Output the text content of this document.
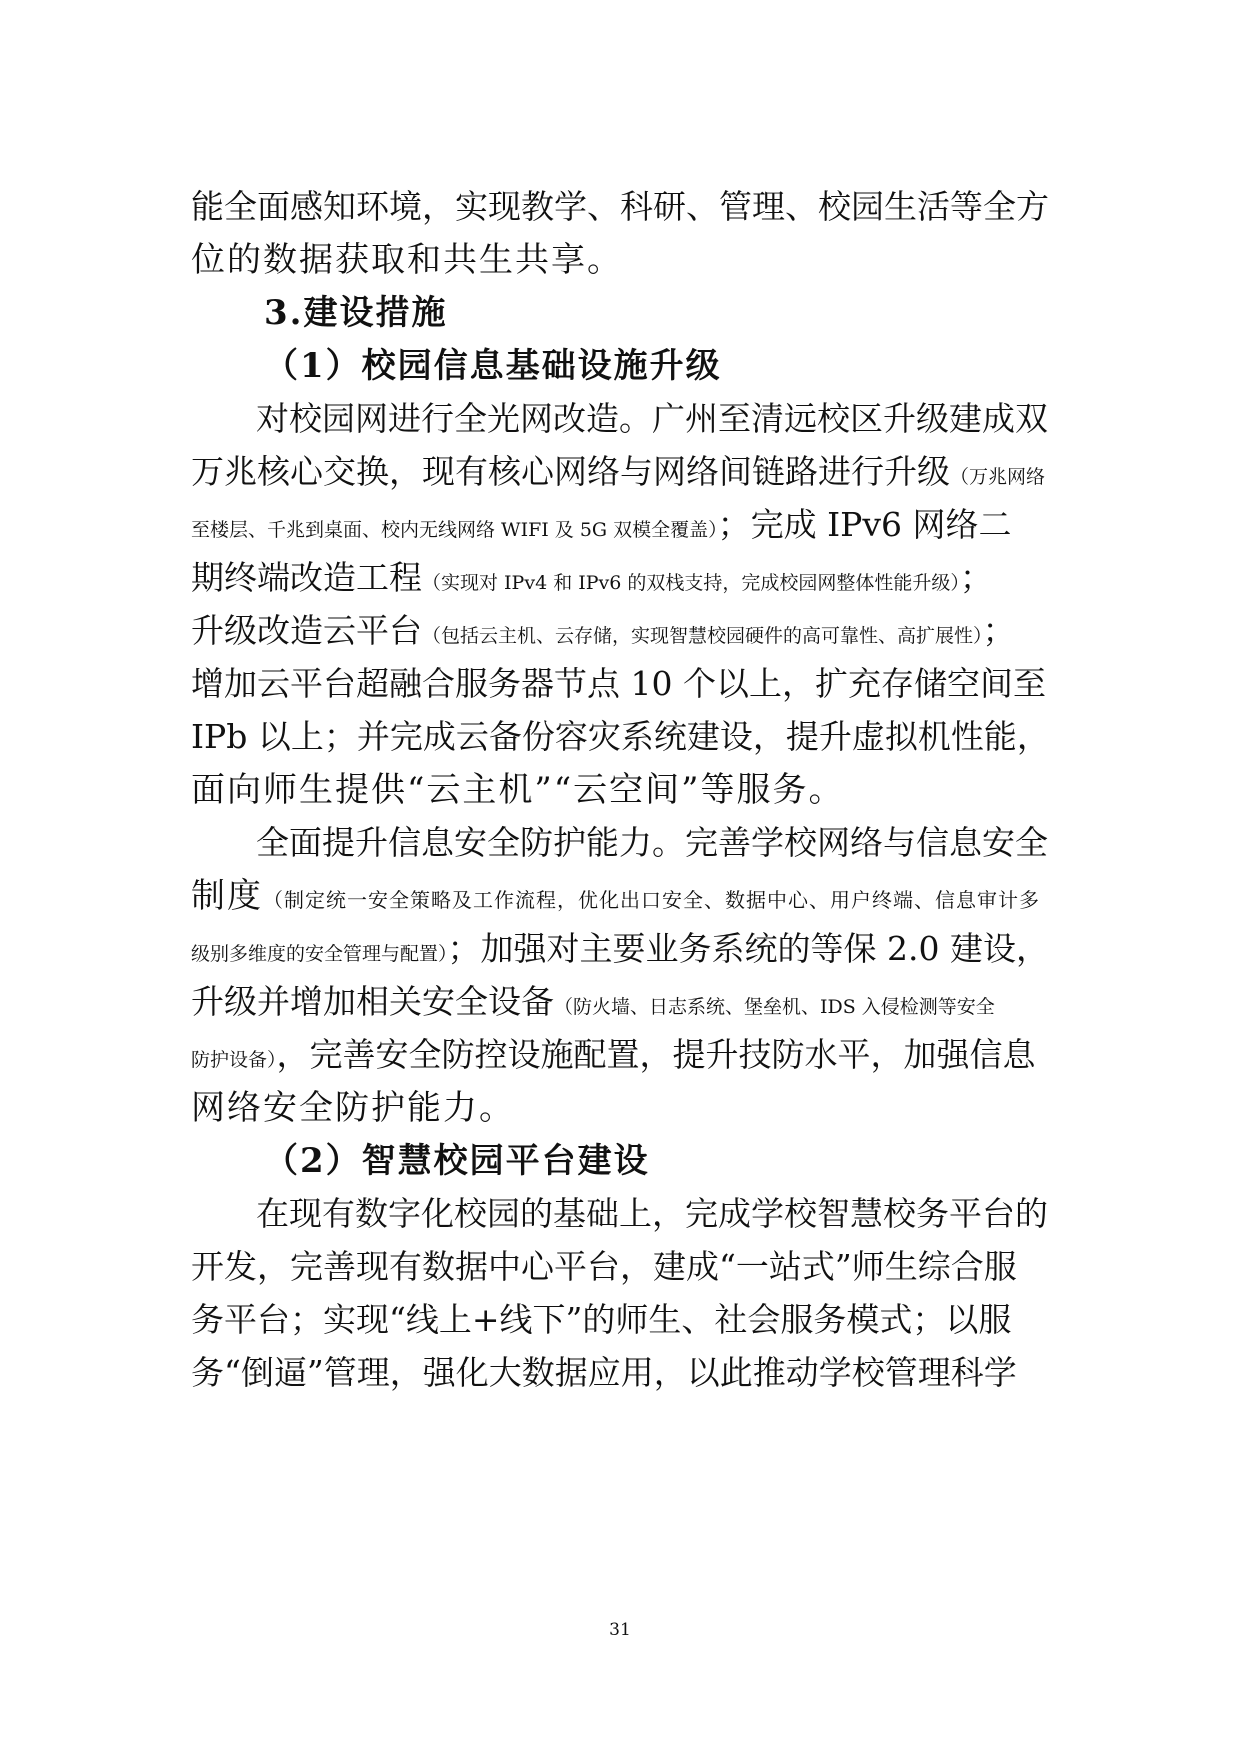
能全面感知环境，实现教学、科研、管理、校园生活等全方
位的数据获取和共生共享。
3.建设措施
（1）校园信息基础设施升级
对校园网进行全光网改造。广州至清远校区升级建成双
万兆核心交换，现有核心网络与网络间链路进行升级（万兆网络
至楼层、千兆到桌面、校内无线网络 WIFI 及 5G 双模全覆盖）；完成 IPv6 网络二
期终端改造工程（实现对 IPv4 和 IPv6 的双栈支持，完成校园网整体性能升级）；
升级改造云平台（包括云主机、云存储，实现智慧校园硬件的高可靠性、高扩展性）；
增加云平台超融合服务器节点 10 个以上，扩充存储空间至
IPb 以上；并完成云备份容灾系统建设，提升虚拟机性能，
面向师生提供“云主机”“云空间”等服务。
全面提升信息安全防护能力。完善学校网络与信息安全
制度（制定统一安全策略及工作流程，优化出口安全、数据中心、用户终端、信息审计多
级别多维度的安全管理与配置）；加强对主要业务系统的等保 2.0 建设，
升级并增加相关安全设备（防火墙、日志系统、堡垒机、IDS 入侵检测等安全
防护设备），完善安全防控设施配置，提升技防水平，加强信息
网络安全防护能力。
（2）智慧校园平台建设
在现有数字化校园的基础上，完成学校智慧校务平台的
开发，完善现有数据中心平台，建成“一站式”师生综合服
务平台；实现“线上+线下”的师生、社会服务模式；以服
务“倒逼”管理，强化大数据应用，以此推动学校管理科学
31
